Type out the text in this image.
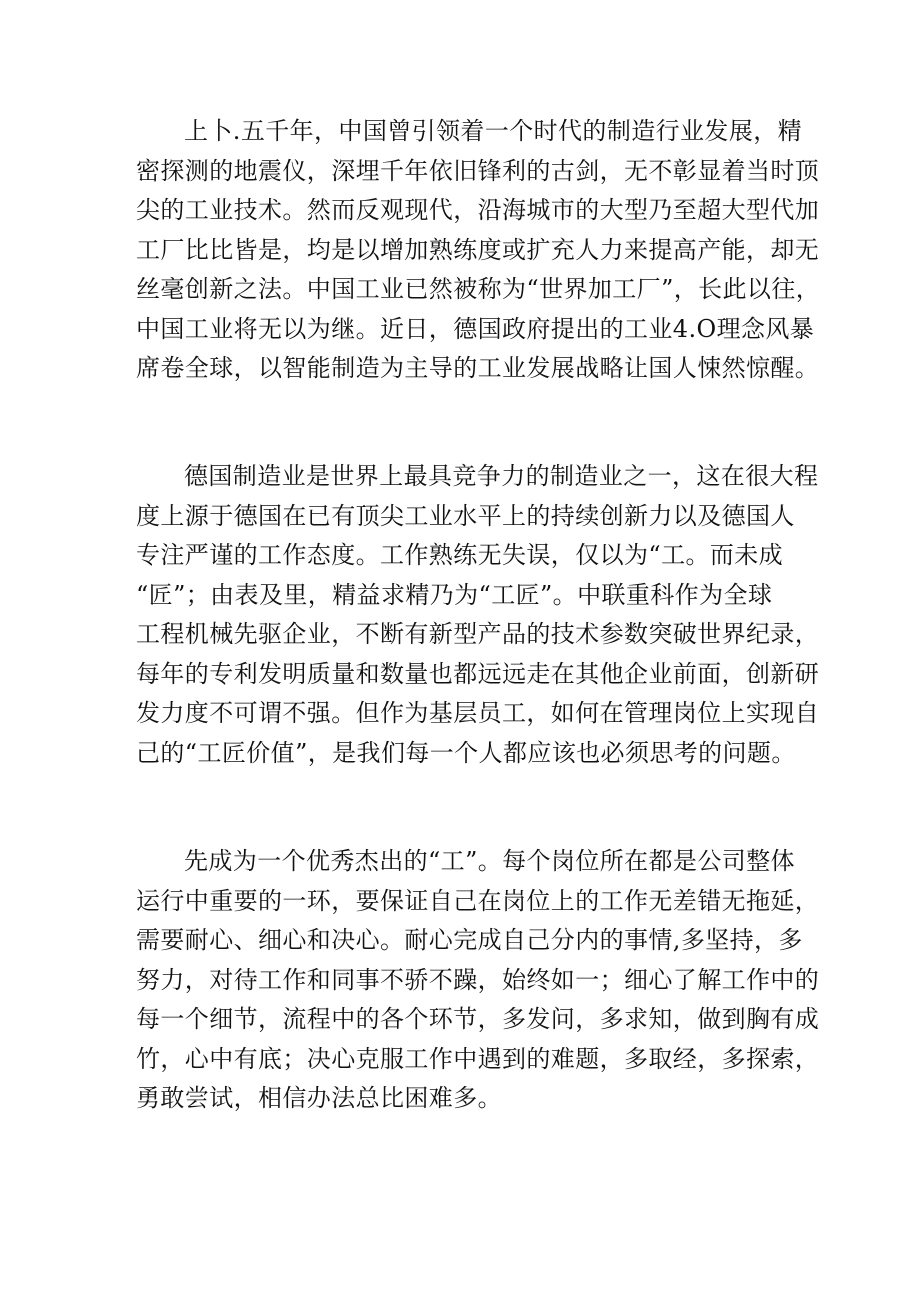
上卜.五千年，中国曾引领着一个时代的制造行业发展，精
密探测的地震仪，深埋千年依旧锋利的古剑，无不彰显着当时顶
尖的工业技术。然而反观现代，沿海城市的大型乃至超大型代加
工厂比比皆是，均是以增加熟练度或扩充人力来提高产能，却无
丝毫创新之法。中国工业已然被称为“世界加工厂”，长此以往，
中国工业将无以为继。近日，德国政府提出的工业4.O理念风暴
席卷全球，以智能制造为主导的工业发展战略让国人悚然惊醒。
德国制造业是世界上最具竞争力的制造业之一，这在很大程
度上源于德国在已有顶尖工业水平上的持续创新力以及德国人
专注严谨的工作态度。工作熟练无失误，仅以为“工。而未成
“匠”；由表及里，精益求精乃为“工匠”。中联重科作为全球
工程机械先驱企业，不断有新型产品的技术参数突破世界纪录，
每年的专利发明质量和数量也都远远走在其他企业前面，创新研
发力度不可谓不强。但作为基层员工，如何在管理岗位上实现自
己的“工匠价值”，是我们每一个人都应该也必须思考的问题。
先成为一个优秀杰出的“工”。每个岗位所在都是公司整体
运行中重要的一环，要保证自己在岗位上的工作无差错无拖延，
需要耐心、细心和决心。耐心完成自己分内的事情,多坚持，多
努力，对待工作和同事不骄不躁，始终如一；细心了解工作中的
每一个细节，流程中的各个环节，多发问，多求知，做到胸有成
竹，心中有底；决心克服工作中遇到的难题，多取经，多探索，
勇敢尝试，相信办法总比困难多。
